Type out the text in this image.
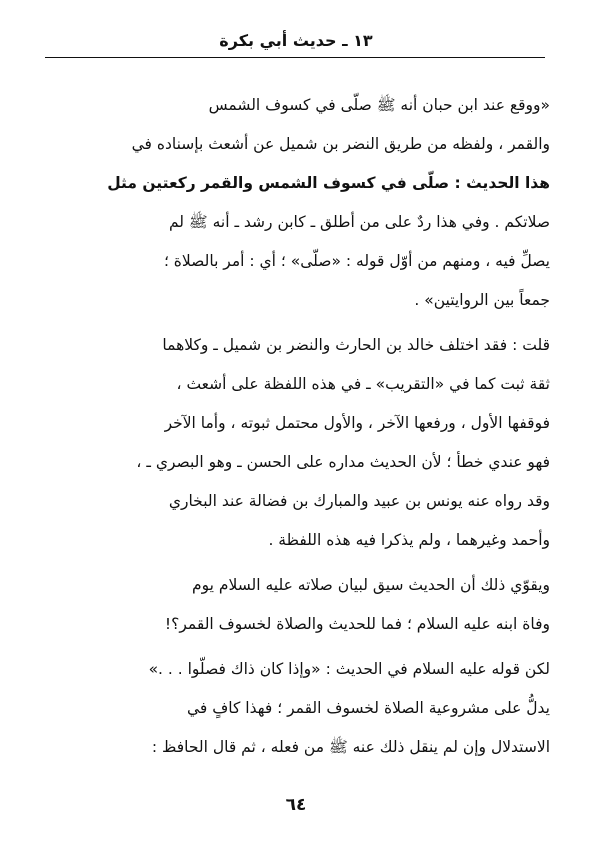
١٣ ـ حديث أبي بكرة
«ووقع عند ابن حبان أنه ﷺ صلّى في كسوف الشمس
والقمر ، ولفظه من طريق النضر بن شميل عن أشعث بإسناده في
هذا الحديث : صلّى في كسوف الشمس والقمر ركعتين مثل
صلاتكم . وفي هذا ردٌ على من أطلق ـ كابن رشد ـ أنه ﷺ لم
يصلِّ فيه ، ومنهم من أوّل قوله : «صلّى» ؛ أي : أمر بالصلاة ؛
جمعاً بين الروايتين» .
قلت : فقد اختلف خالد بن الحارث والنضر بن شميل ـ وكلاهما
ثقة ثبت كما في «التقريب» ـ في هذه اللفظة على أشعث ،
فوقفها الأول ، ورفعها الآخر ، والأول محتمل ثبوته ، وأما الآخر
فهو عندي خطأ ؛ لأن الحديث مداره على الحسن ـ وهو البصري ـ ،
وقد رواه عنه يونس بن عبيد والمبارك بن فضالة عند البخاري
وأحمد وغيرهما ، ولم يذكرا فيه هذه اللفظة .
ويقوّي ذلك أن الحديث سيق لبيان صلاته عليه السلام يوم
وفاة ابنه عليه السلام ؛ فما للحديث والصلاة لخسوف القمر؟!
لكن قوله عليه السلام في الحديث : «وإذا كان ذاك فصلّوا . . .»
يدلُّ على مشروعية الصلاة لخسوف القمر ؛ فهذا كافٍ في
الاستدلال وإن لم ينقل ذلك عنه ﷺ من فعله ، ثم قال الحافظ :
٦٤
